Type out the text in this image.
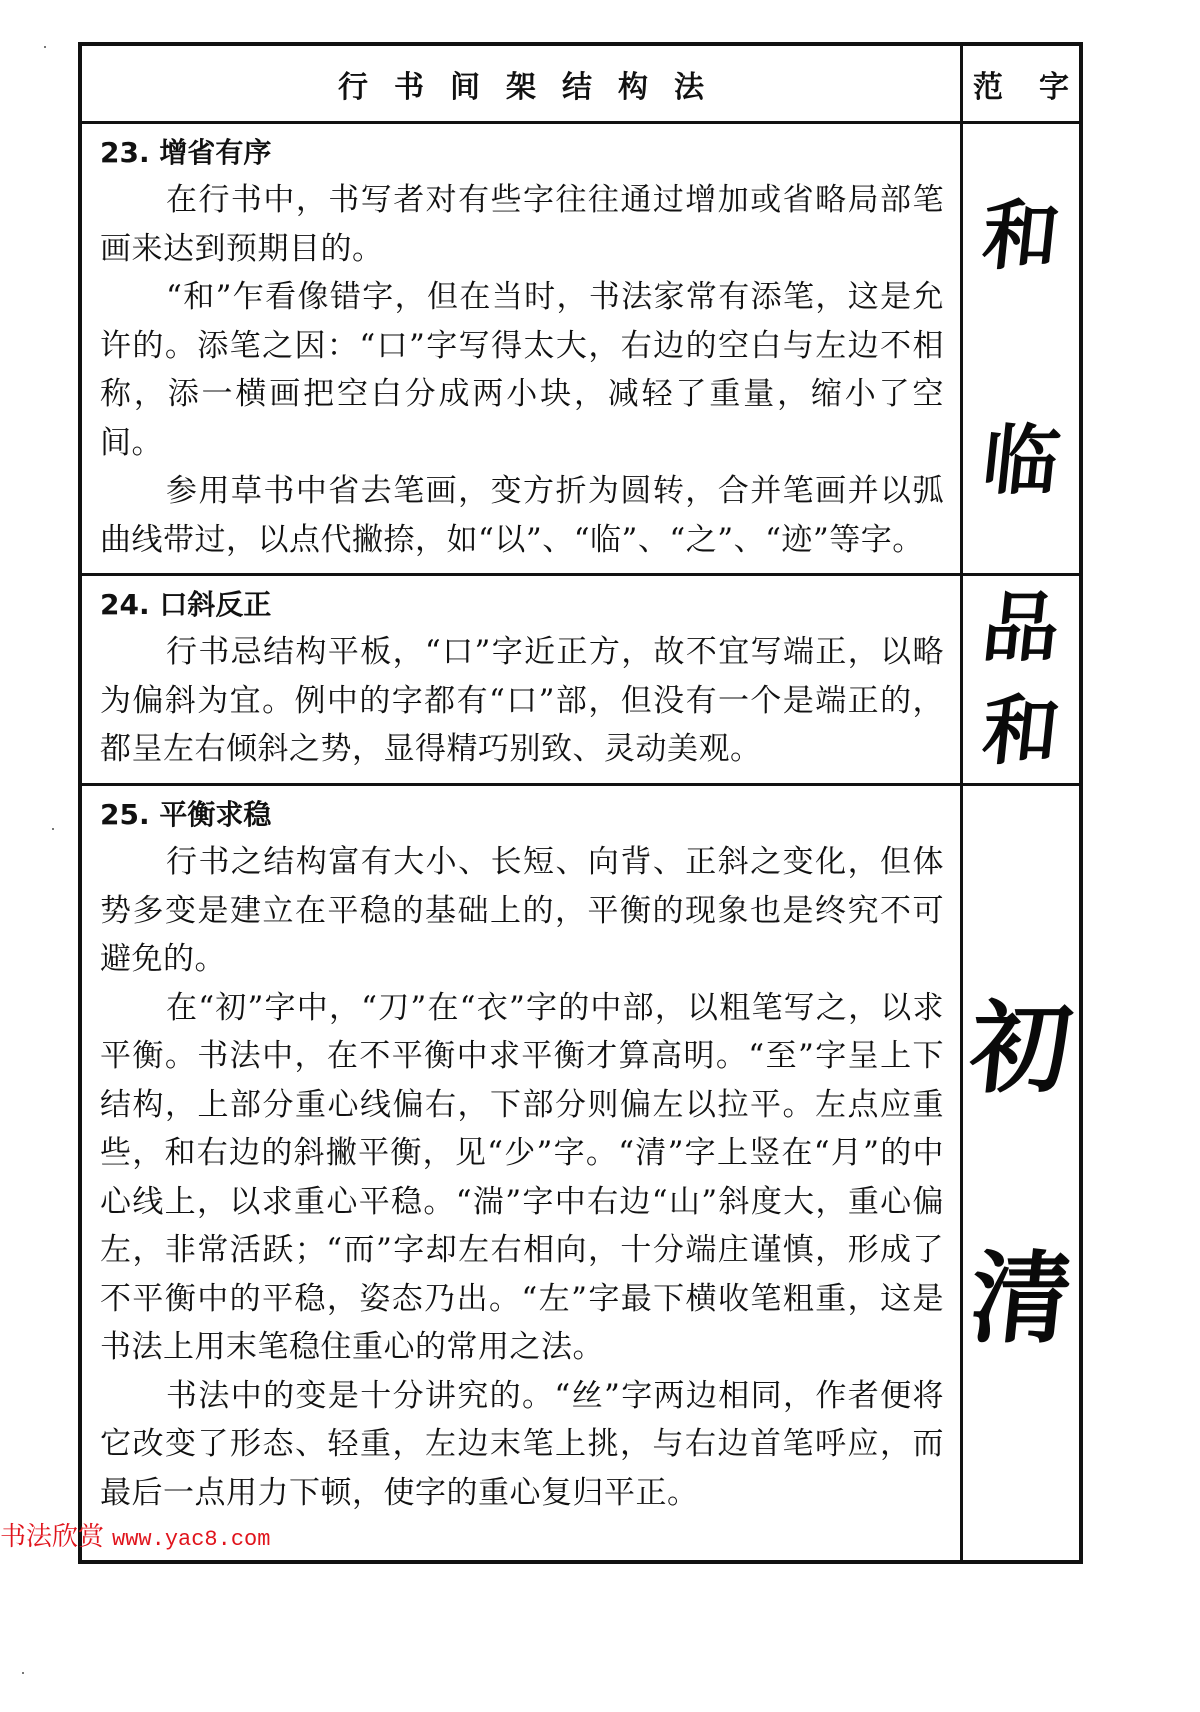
行书间架结构法	范 字
23. 增省有序

在行书中，书写者对有些字往往通过增加或省略局部笔画来达到预期目的。

“和”乍看像错字，但在当时，书法家常有添笔，这是允许的。添笔之因：“口”字写得太大，右边的空白与左边不相称，添一横画把空白分成两小块，减轻了重量，缩小了空间。

参用草书中省去笔画，变方折为圆转，合并笔画并以弧曲线带过，以点代撇捺，如“以”、“临”、“之”、“迹”等字。

和
临
24. 口斜反正

行书忌结构平板，“口”字近正方，故不宜写端正，以略为偏斜为宜。例中的字都有“口”部，但没有一个是端正的，都呈左右倾斜之势，显得精巧别致、灵动美观。

品
和
25. 平衡求稳

行书之结构富有大小、长短、向背、正斜之变化，但体势多变是建立在平稳的基础上的，平衡的现象也是终究不可避免的。

在“初”字中，“刀”在“衣”字的中部，以粗笔写之，以求平衡。书法中，在不平衡中求平衡才算高明。“至”字呈上下结构，上部分重心线偏右，下部分则偏左以拉平。左点应重些，和右边的斜撇平衡，见“少”字。“清”字上竖在“月”的中心线上，以求重心平稳。“湍”字中右边“山”斜度大，重心偏左，非常活跃；“而”字却左右相向，十分端庄谨慎，形成了不平衡中的平稳，姿态乃出。“左”字最下横收笔粗重，这是书法上用末笔稳住重心的常用之法。

书法中的变是十分讲究的。“丝”字两边相同，作者便将它改变了形态、轻重，左边末笔上挑，与右边首笔呼应，而最后一点用力下顿，使字的重心复归平正。

初
清
书法欣赏 www.yac8.com
